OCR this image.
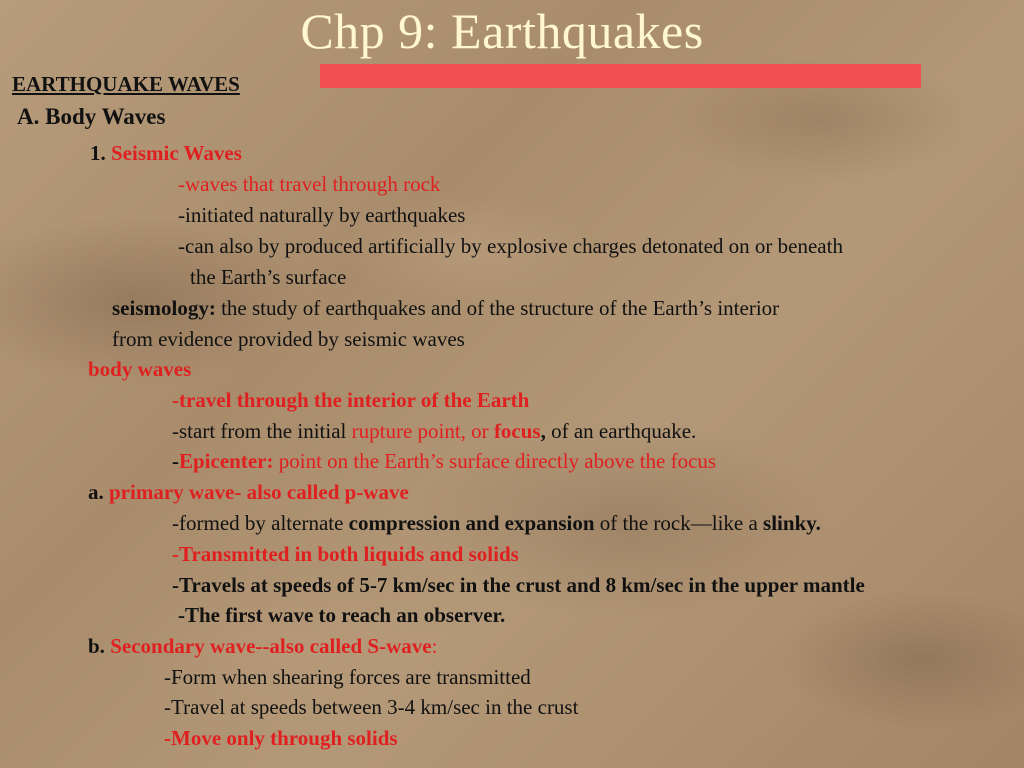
Chp 9: Earthquakes
EARTHQUAKE WAVES
A. Body Waves
1. Seismic Waves
-waves that travel through rock
-initiated naturally by earthquakes
-can also by produced artificially by explosive charges detonated on or beneath
the Earth’s surface
seismology: the study of earthquakes and of the structure of the Earth’s interior
from evidence provided by seismic waves
body waves
-travel through the interior of the Earth
-start from the initial rupture point, or focus, of an earthquake.
-Epicenter: point on the Earth’s surface directly above the focus
a. primary wave- also called p-wave
-formed by alternate compression and expansion of the rock—like a slinky.
-Transmitted in both liquids and solids
-Travels at speeds of 5-7 km/sec in the crust and 8 km/sec in the upper mantle
-The first wave to reach an observer.
b. Secondary wave--also called S-wave:
-Form when shearing forces are transmitted
-Travel at speeds between 3-4 km/sec in the crust
-Move only through solids
